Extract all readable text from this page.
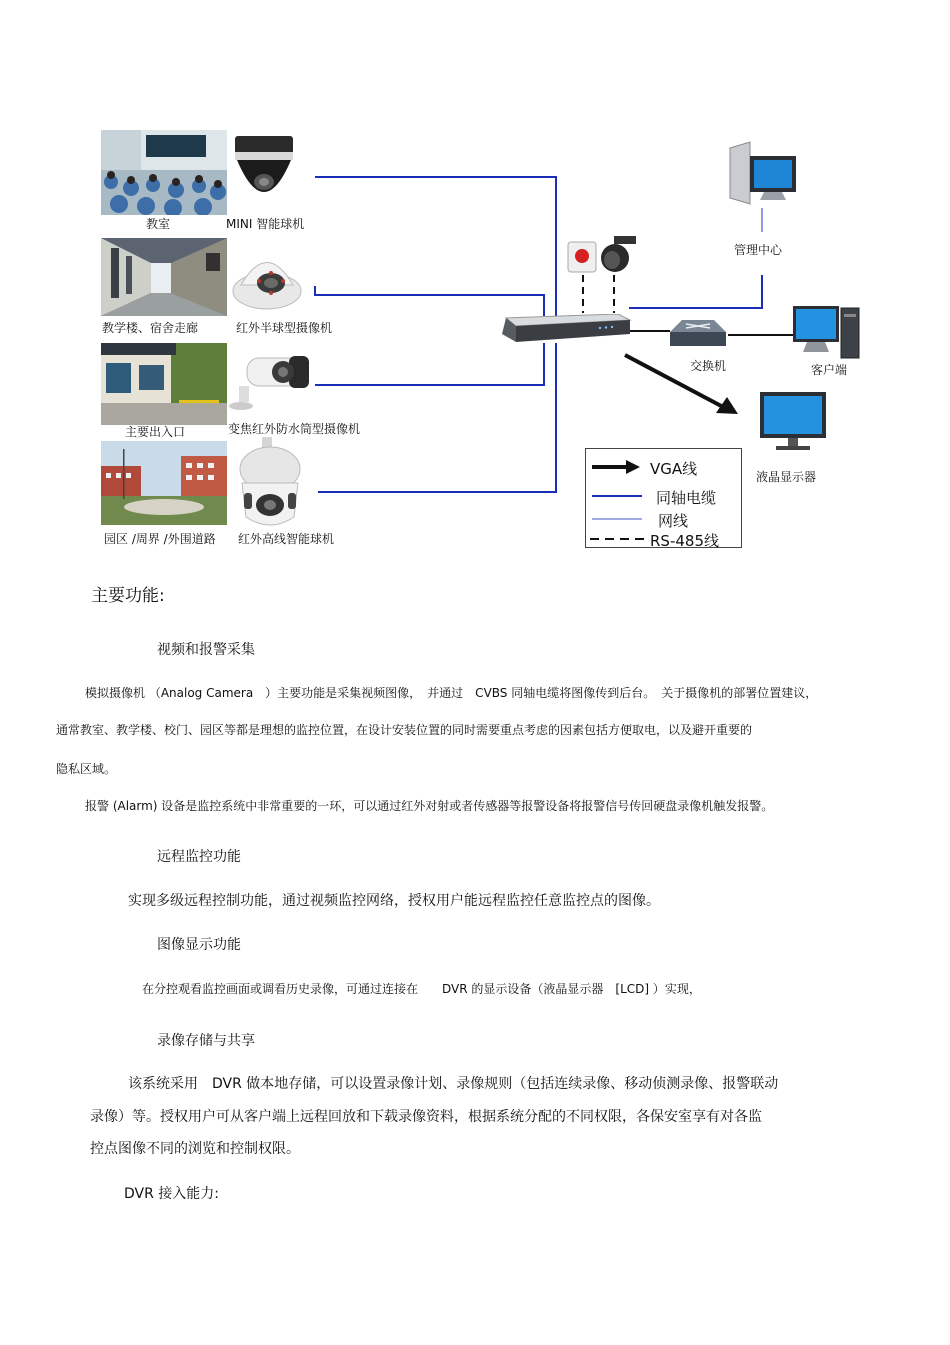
教室	MINI 智能球机
教学楼、宿舍走廊	红外半球型摄像机
主要出入口	变焦红外防水筒型摄像机
园区 /周界 /外围道路 红外高线智能球机
管理中心
交换机	客户端
液晶显示器
VGA线
同轴电缆
网线
RS-485线
主要功能:
视频和报警采集
模拟摄像机 （Analog Camera　）主要功能是采集视频图像，　并通过　CVBS 同轴电缆将图像传到后台。　关于摄像机的部署位置建议，
通常教室、教学楼、校门、园区等都是理想的监控位置，在设计安装位置的同时需要重点考虑的因素包括方便取电，以及避开重要的
隐私区域。
报警 (Alarm) 设备是监控系统中非常重要的一环，可以通过红外对射或者传感器等报警设备将报警信号传回硬盘录像机触发报警。
远程监控功能
实现多级远程控制功能，通过视频监控网络，授权用户能远程监控任意监控点的图像。
图像显示功能
在分控观看监控画面或调看历史录像，可通过连接在　　DVR 的显示设备（液晶显示器　[LCD] ）实现，
录像存储与共享
该系统采用　DVR 做本地存储，可以设置录像计划、录像规则（包括连续录像、移动侦测录像、报警联动
录像）等。授权用户可从客户端上远程回放和下载录像资料，根据系统分配的不同权限，各保安室享有对各监
控点图像不同的浏览和控制权限。
DVR 接入能力:
